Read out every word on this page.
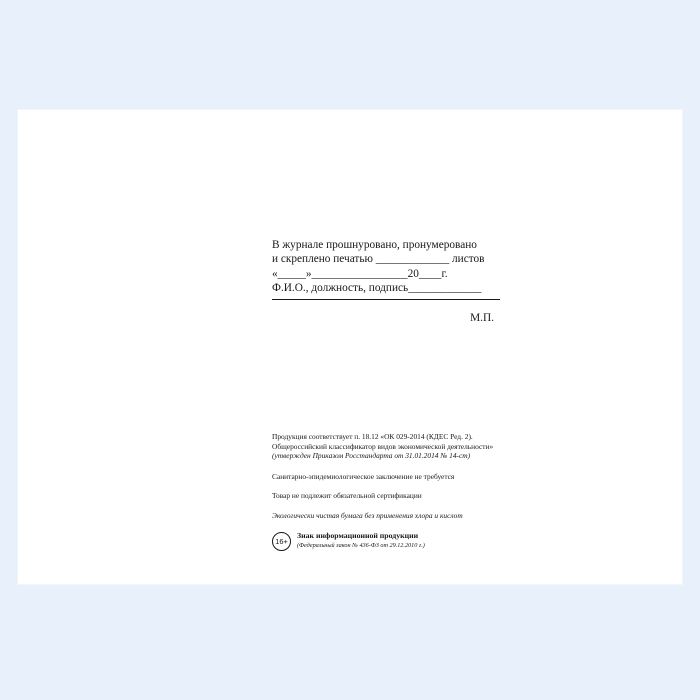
В журнале прошнуровано, пронумеровано
и скреплено печатью _____________ листов
«_____»_________________20____г.
Ф.И.О., должность, подпись_____________
М.П.
Продукция соответствует п. 18.12 «ОК 029-2014 (КДЕС Ред. 2).
Общероссийский классификатор видов экономической деятельности»
(утвержден Приказом Росстандарта от 31.01.2014 № 14-ст)
Санитарно-эпидемиологическое заключение не требуется
Товар не подлежит обязательной сертификации
Экологически чистая бумага без применения хлора и кислот
16+
Знак информационной продукции
(Федеральный закон № 436-ФЗ от 29.12.2010 г.)
